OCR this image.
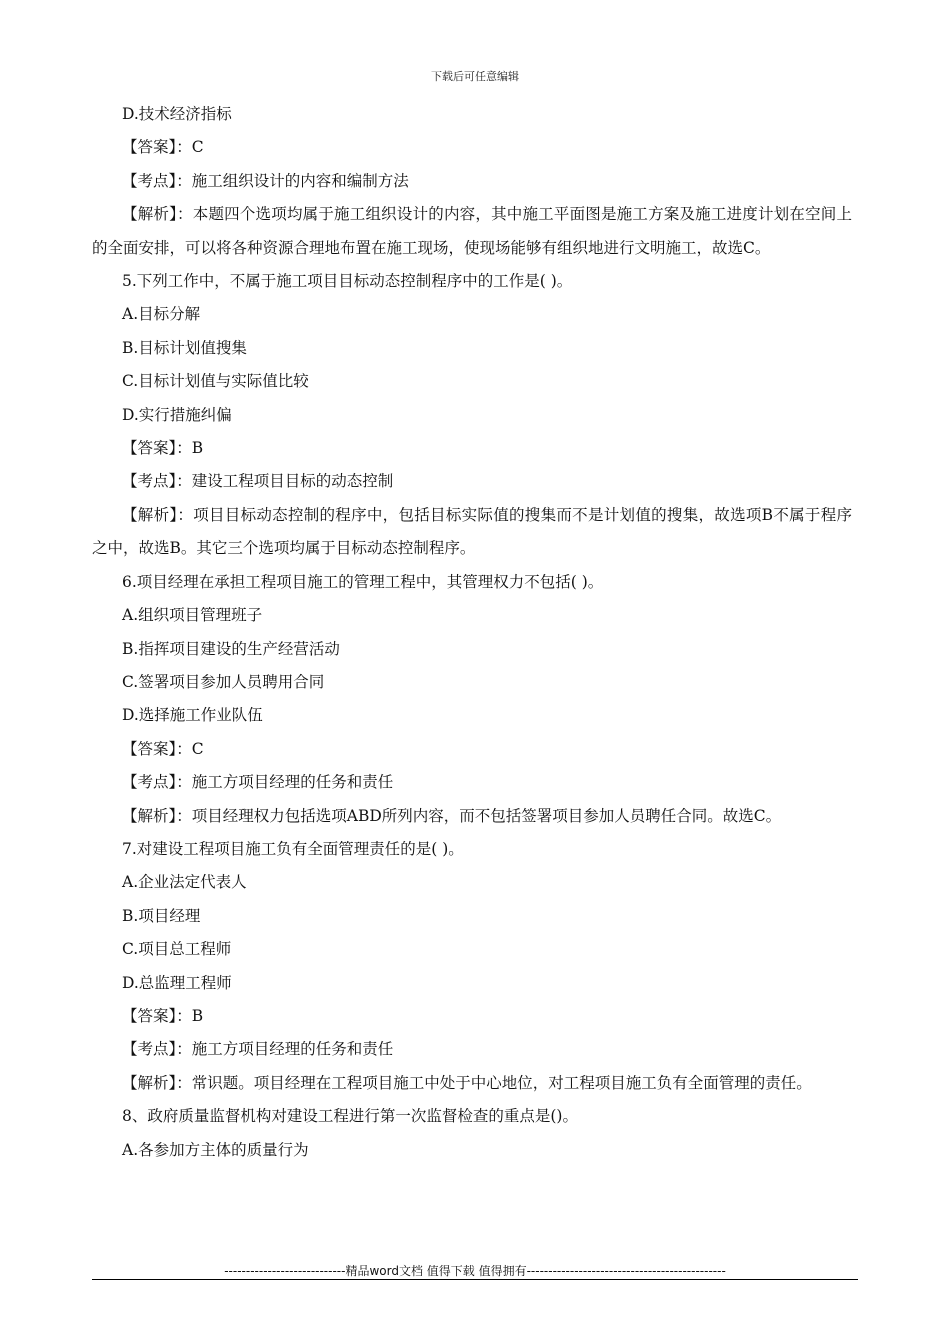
下载后可任意编辑
D.技术经济指标
【答案】：C
【考点】：施工组织设计的内容和编制方法
【解析】：本题四个选项均属于施工组织设计的内容，其中施工平面图是施工方案及施工进度计划在空间上的全面安排，可以将各种资源合理地布置在施工现场，使现场能够有组织地进行文明施工，故选C。
5.下列工作中，不属于施工项目目标动态控制程序中的工作是( )。
A.目标分解
B.目标计划值搜集
C.目标计划值与实际值比较
D.实行措施纠偏
【答案】：B
【考点】：建设工程项目目标的动态控制
【解析】：项目目标动态控制的程序中，包括目标实际值的搜集而不是计划值的搜集，故选项B不属于程序之中，故选B。其它三个选项均属于目标动态控制程序。
6.项目经理在承担工程项目施工的管理工程中，其管理权力不包括( )。
A.组织项目管理班子
B.指挥项目建设的生产经营活动
C.签署项目参加人员聘用合同
D.选择施工作业队伍
【答案】：C
【考点】：施工方项目经理的任务和责任
【解析】：项目经理权力包括选项ABD所列内容，而不包括签署项目参加人员聘任合同。故选C。
7.对建设工程项目施工负有全面管理责任的是( )。
A.企业法定代表人
B.项目经理
C.项目总工程师
D.总监理工程师
【答案】：B
【考点】：施工方项目经理的任务和责任
【解析】：常识题。项目经理在工程项目施工中处于中心地位，对工程项目施工负有全面管理的责任。
8、政府质量监督机构对建设工程进行第一次监督检查的重点是()。
A.各参加方主体的质量行为
----------------------------精品word文档 值得下载 值得拥有----------------------------------------------
